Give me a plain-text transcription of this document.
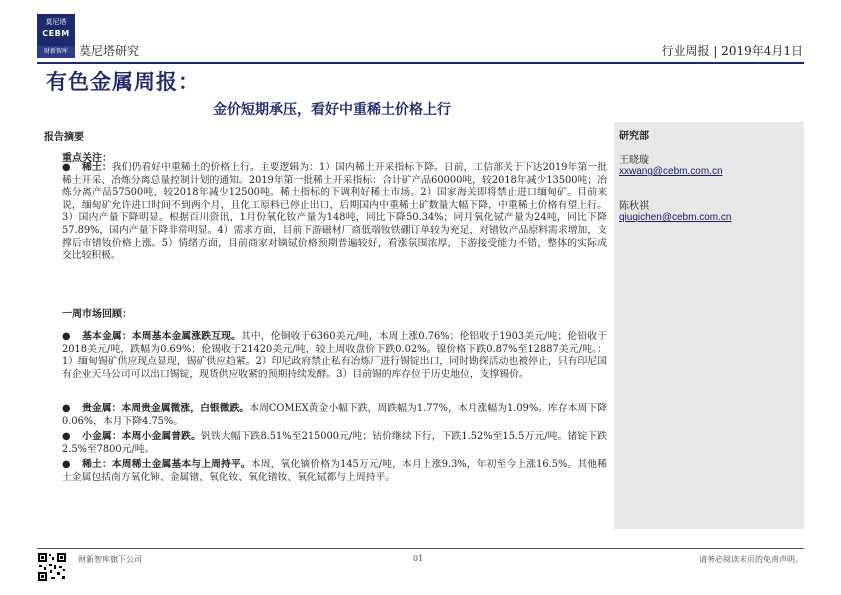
莫尼塔
CEBM
财新智库 莫尼塔研究	行业周报 | 2019年4月1日
有色金属周报：
金价短期承压，看好中重稀土价格上行
报告摘要	研究部
王晓璇
xxwang@cebm.com.cn
陈秋祺
qiuqichen@cebm.com.cn
重点关注：
● 稀土：我们仍看好中重稀土的价格上行。主要逻辑为：1）国内稀土开采指标下降。日前，工信部关于下达2019年第一批稀土开采、冶炼分离总量控制计划的通知。2019年第一批稀土开采指标：合计矿产品60000吨，较2018年减少13500吨；冶炼分离产品57500吨，较2018年减少12500吨。稀土指标的下调利好稀土市场。2）国家海关即将禁止进口缅甸矿。目前来说，缅甸矿允许进口时间不到两个月，且化工原料已停止出口，后期国内中重稀土矿数量大幅下降，中重稀土价格有望上行。3）国内产量下降明显。根据百川资讯，1月份氧化钕产量为148吨，同比下降50.34%；同月氧化铽产量为24吨，同比下降57.89%，国内产量下降非常明显。4）需求方面，目前下游磁材厂商低端钕铁硼订单较为充足，对镨钕产品原料需求增加，支撑后市镨钕价格上涨。5）情绪方面，目前商家对镝铽价格预期普遍较好，看涨氛围浓厚，下游接受能力不错，整体的实际成交比较积极。
一周市场回顾：
● 基本金属：本周基本金属涨跌互现。其中，伦铜收于6360美元/吨，本周上涨0.76%；伦铝收于1903美元/吨；伦铅收于2018美元/吨，跌幅为0.69%；伦锡收于21420美元/吨，较上周收盘价下跌0.02%。镍价格下跌0.87%至12887美元/吨。：1）缅甸锡矿供应现点显现，锡矿供应趋紧。2）印尼政府禁止私有冶炼厂进行锡锭出口，同时勘探活动也被停止，只有印尼国有企业天马公司可以出口锡锭，现货供应收紧的预期持续发酵。3）目前锡的库存位于历史地位，支撑锡价。
● 贵金属：本周贵金属微涨，白银微跌。本周COMEX黄金小幅下跌，周跌幅为1.77%，本月涨幅为1.09%。库存本周下降0.06%，本月下降4.75%。
● 小金属：本周小金属普跌。钒铁大幅下跌8.51%至215000元/吨；钴价继续下行，下跌1.52%至15.5万元/吨。锗锭下跌2.5%至7800元/吨。
● 稀土：本周稀土金属基本与上周持平。本周，氧化镝价格为145万元/吨，本月上涨9.3%，年初至今上涨16.5%。其他稀土金属包括南方氧化铈、金属镨、氧化钕、氧化镨钕、氧化铽都与上周持平。
财新智库旗下公司	01	请务必阅读末页的免责声明。
